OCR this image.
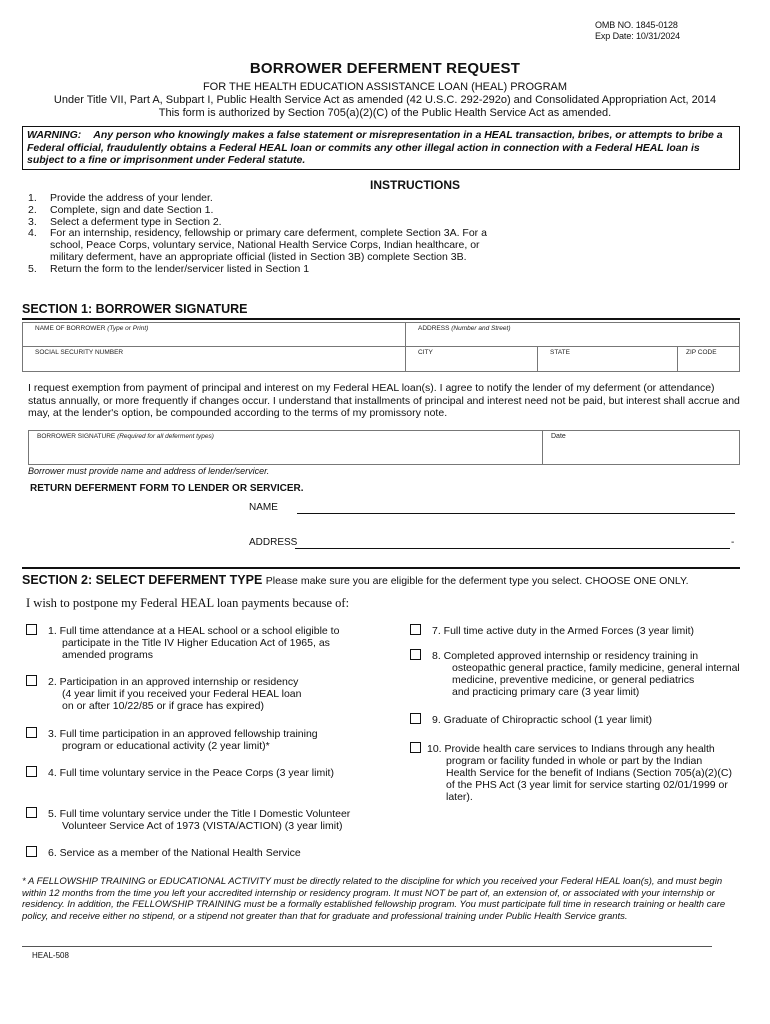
OMB NO. 1845-0128
Exp Date: 10/31/2024
BORROWER DEFERMENT REQUEST
FOR THE HEALTH EDUCATION ASSISTANCE LOAN (HEAL) PROGRAM
Under Title VII, Part A, Subpart I, Public Health Service Act as amended (42 U.S.C. 292-292o) and Consolidated Appropriation Act, 2014
This form is authorized by Section 705(a)(2)(C) of the Public Health Service Act as amended.
WARNING: Any person who knowingly makes a false statement or misrepresentation in a HEAL transaction, bribes, or attempts to bribe a Federal official, fraudulently obtains a Federal HEAL loan or commits any other illegal action in connection with a Federal HEAL loan is subject to a fine or imprisonment under Federal statute.
INSTRUCTIONS
1.	Provide the address of your lender.
2.	Complete, sign and date Section 1.
3.	Select a deferment type in Section 2.
4.	For an internship, residency, fellowship or primary care deferment, complete Section 3A. For a school, Peace Corps, voluntary service, National Health Service Corps, Indian healthcare, or military deferment, have an appropriate official (listed in Section 3B) complete Section 3B.
5.	Return the form to the lender/servicer listed in Section 1
SECTION 1: BORROWER SIGNATURE
NAME OF BORROWER (Type or Print)	ADDRESS (Number and Street)
SOCIAL SECURITY NUMBER	CITY	STATE	ZIP CODE
I request exemption from payment of principal and interest on my Federal HEAL loan(s). I agree to notify the lender of my deferment (or attendance) status annually, or more frequently if changes occur. I understand that installments of principal and interest need not be paid, but interest shall accrue and may, at the lender's option, be compounded according to the terms of my promissory note.
BORROWER SIGNATURE (Required for all deferment types)	Date
Borrower must provide name and address of lender/servicer.
RETURN DEFERMENT FORM TO LENDER OR SERVICER.
NAME
ADDRESS	-
SECTION 2: SELECT DEFERMENT TYPE Please make sure you are eligible for the deferment type you select. CHOOSE ONE ONLY.
I wish to postpone my Federal HEAL loan payments because of:
1. Full time attendance at a HEAL school or a school eligible to
participate in the Title IV Higher Education Act of 1965, as
amended programs
2. Participation in an approved internship or residency
(4 year limit if you received your Federal HEAL loan
on or after 10/22/85 or if grace has expired)
3. Full time participation in an approved fellowship training
program or educational activity (2 year limit)*
4. Full time voluntary service in the Peace Corps (3 year limit)
5. Full time voluntary service under the Title I Domestic Volunteer
Volunteer Service Act of 1973 (VISTA/ACTION) (3 year limit)
6. Service as a member of the National Health Service
7. Full time active duty in the Armed Forces (3 year limit)
8. Completed approved internship or residency training in
osteopathic general practice, family medicine, general internal
medicine, preventive medicine, or general pediatrics
and practicing primary care (3 year limit)
9. Graduate of Chiropractic school (1 year limit)
10. Provide health care services to Indians through any health
program or facility funded in whole or part by the Indian
Health Service for the benefit of Indians (Section 705(a)(2)(C)
of the PHS Act (3 year limit for service starting 02/01/1999 or
later).
* A FELLOWSHIP TRAINING or EDUCATIONAL ACTIVITY must be directly related to the discipline for which you received your Federal HEAL loan(s), and must begin within 12 months from the time you left your accredited internship or residency program. It must NOT be part of, an extension of, or associated with your internship or residency. In addition, the FELLOWSHIP TRAINING must be a formally established fellowship program. You must participate full time in research training or health care policy, and receive either no stipend, or a stipend not greater than that for graduate and professional training under Public Health Service grants.
HEAL-508
